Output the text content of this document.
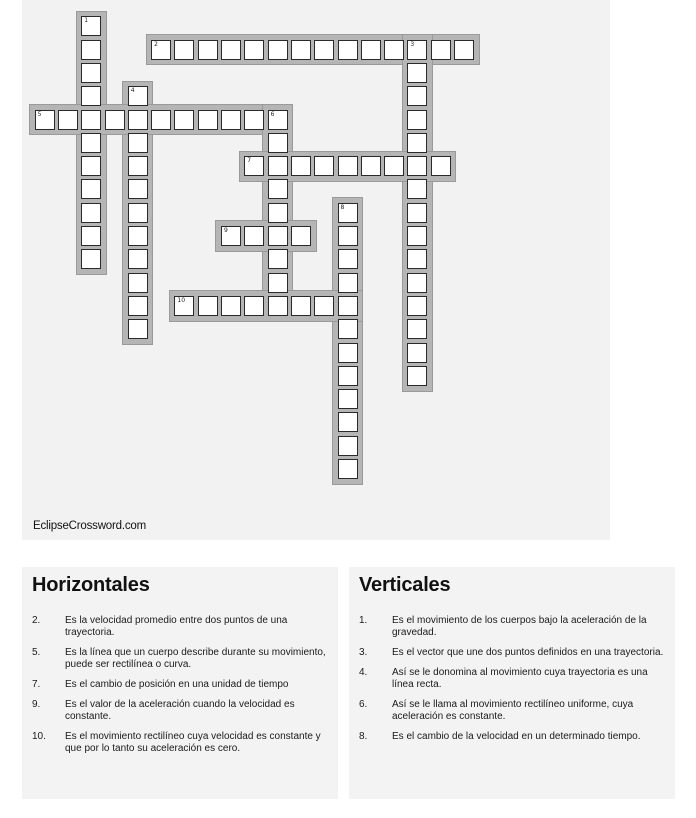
1
2	3
4
5	6
7
8
9
10
EclipseCrossword.com
Horizontales
2.	Es la velocidad promedio entre dos puntos de una trayectoria.
5.	Es la línea que un cuerpo describe durante su movimiento, puede ser rectilínea o curva.
7.	Es el cambio de posición en una unidad de tiempo
9.	Es el valor de la aceleración cuando la velocidad es constante.
10.	Es el movimiento rectilíneo cuya velocidad es constante y que por lo tanto su aceleración es cero.
Verticales
1.	Es el movimiento de los cuerpos bajo la aceleración de la gravedad.
3.	Es el vector que une dos puntos definidos en una trayectoria.
4.	Así se le donomina al movimiento cuya trayectoria es una línea recta.
6.	Así se le llama al movimiento rectilíneo uniforme, cuya aceleración es constante.
8.	Es el cambio de la velocidad en un determinado tiempo.
